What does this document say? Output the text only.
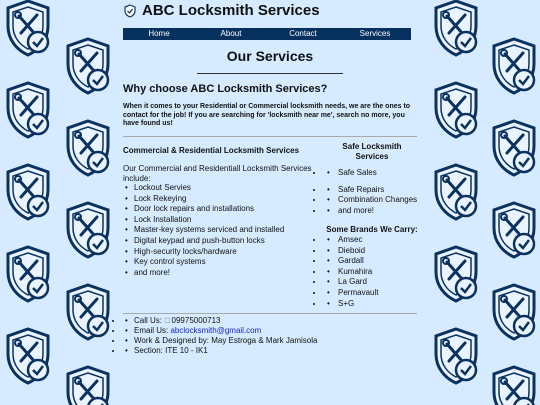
ABC Locksmith Services
Home	About	Contact	Services
Our Services
Why choose ABC Locksmith Services?
When it comes to your Residential or Commercial locksmith needs, we are the ones to contact for the job! If you are searching for 'locksmith near me', search no more, you have found us!
Commercial & Residential Locksmith Services
Our Commercial and Residentiall Locksmith Services include:
• Lockout Servies
• Lock Rekeying
• Door lock repairs and installations
• Lock Installation
• Master-key systems serviced and installed
• Digital keypad and push-button locks
• High-security locks/hardware
• Key control systems
• and more!
Safe Locksmith
Services
• • Safe Sales
• • Safe Repairs
• • Combination Changes
• • and more!
Some Brands We Carry:
• • Amsec
• • Dieboid
• • Gardall
• • Kumahira
• • La Gard
• • Permavault
• • S+G
• • Call Us: ☐09975000713
• • Email Us: abclocksmith@gmail.com
• • Work & Designed by: May Estroga & Mark Jamisola
• • Section: ITE 10 - IK1
